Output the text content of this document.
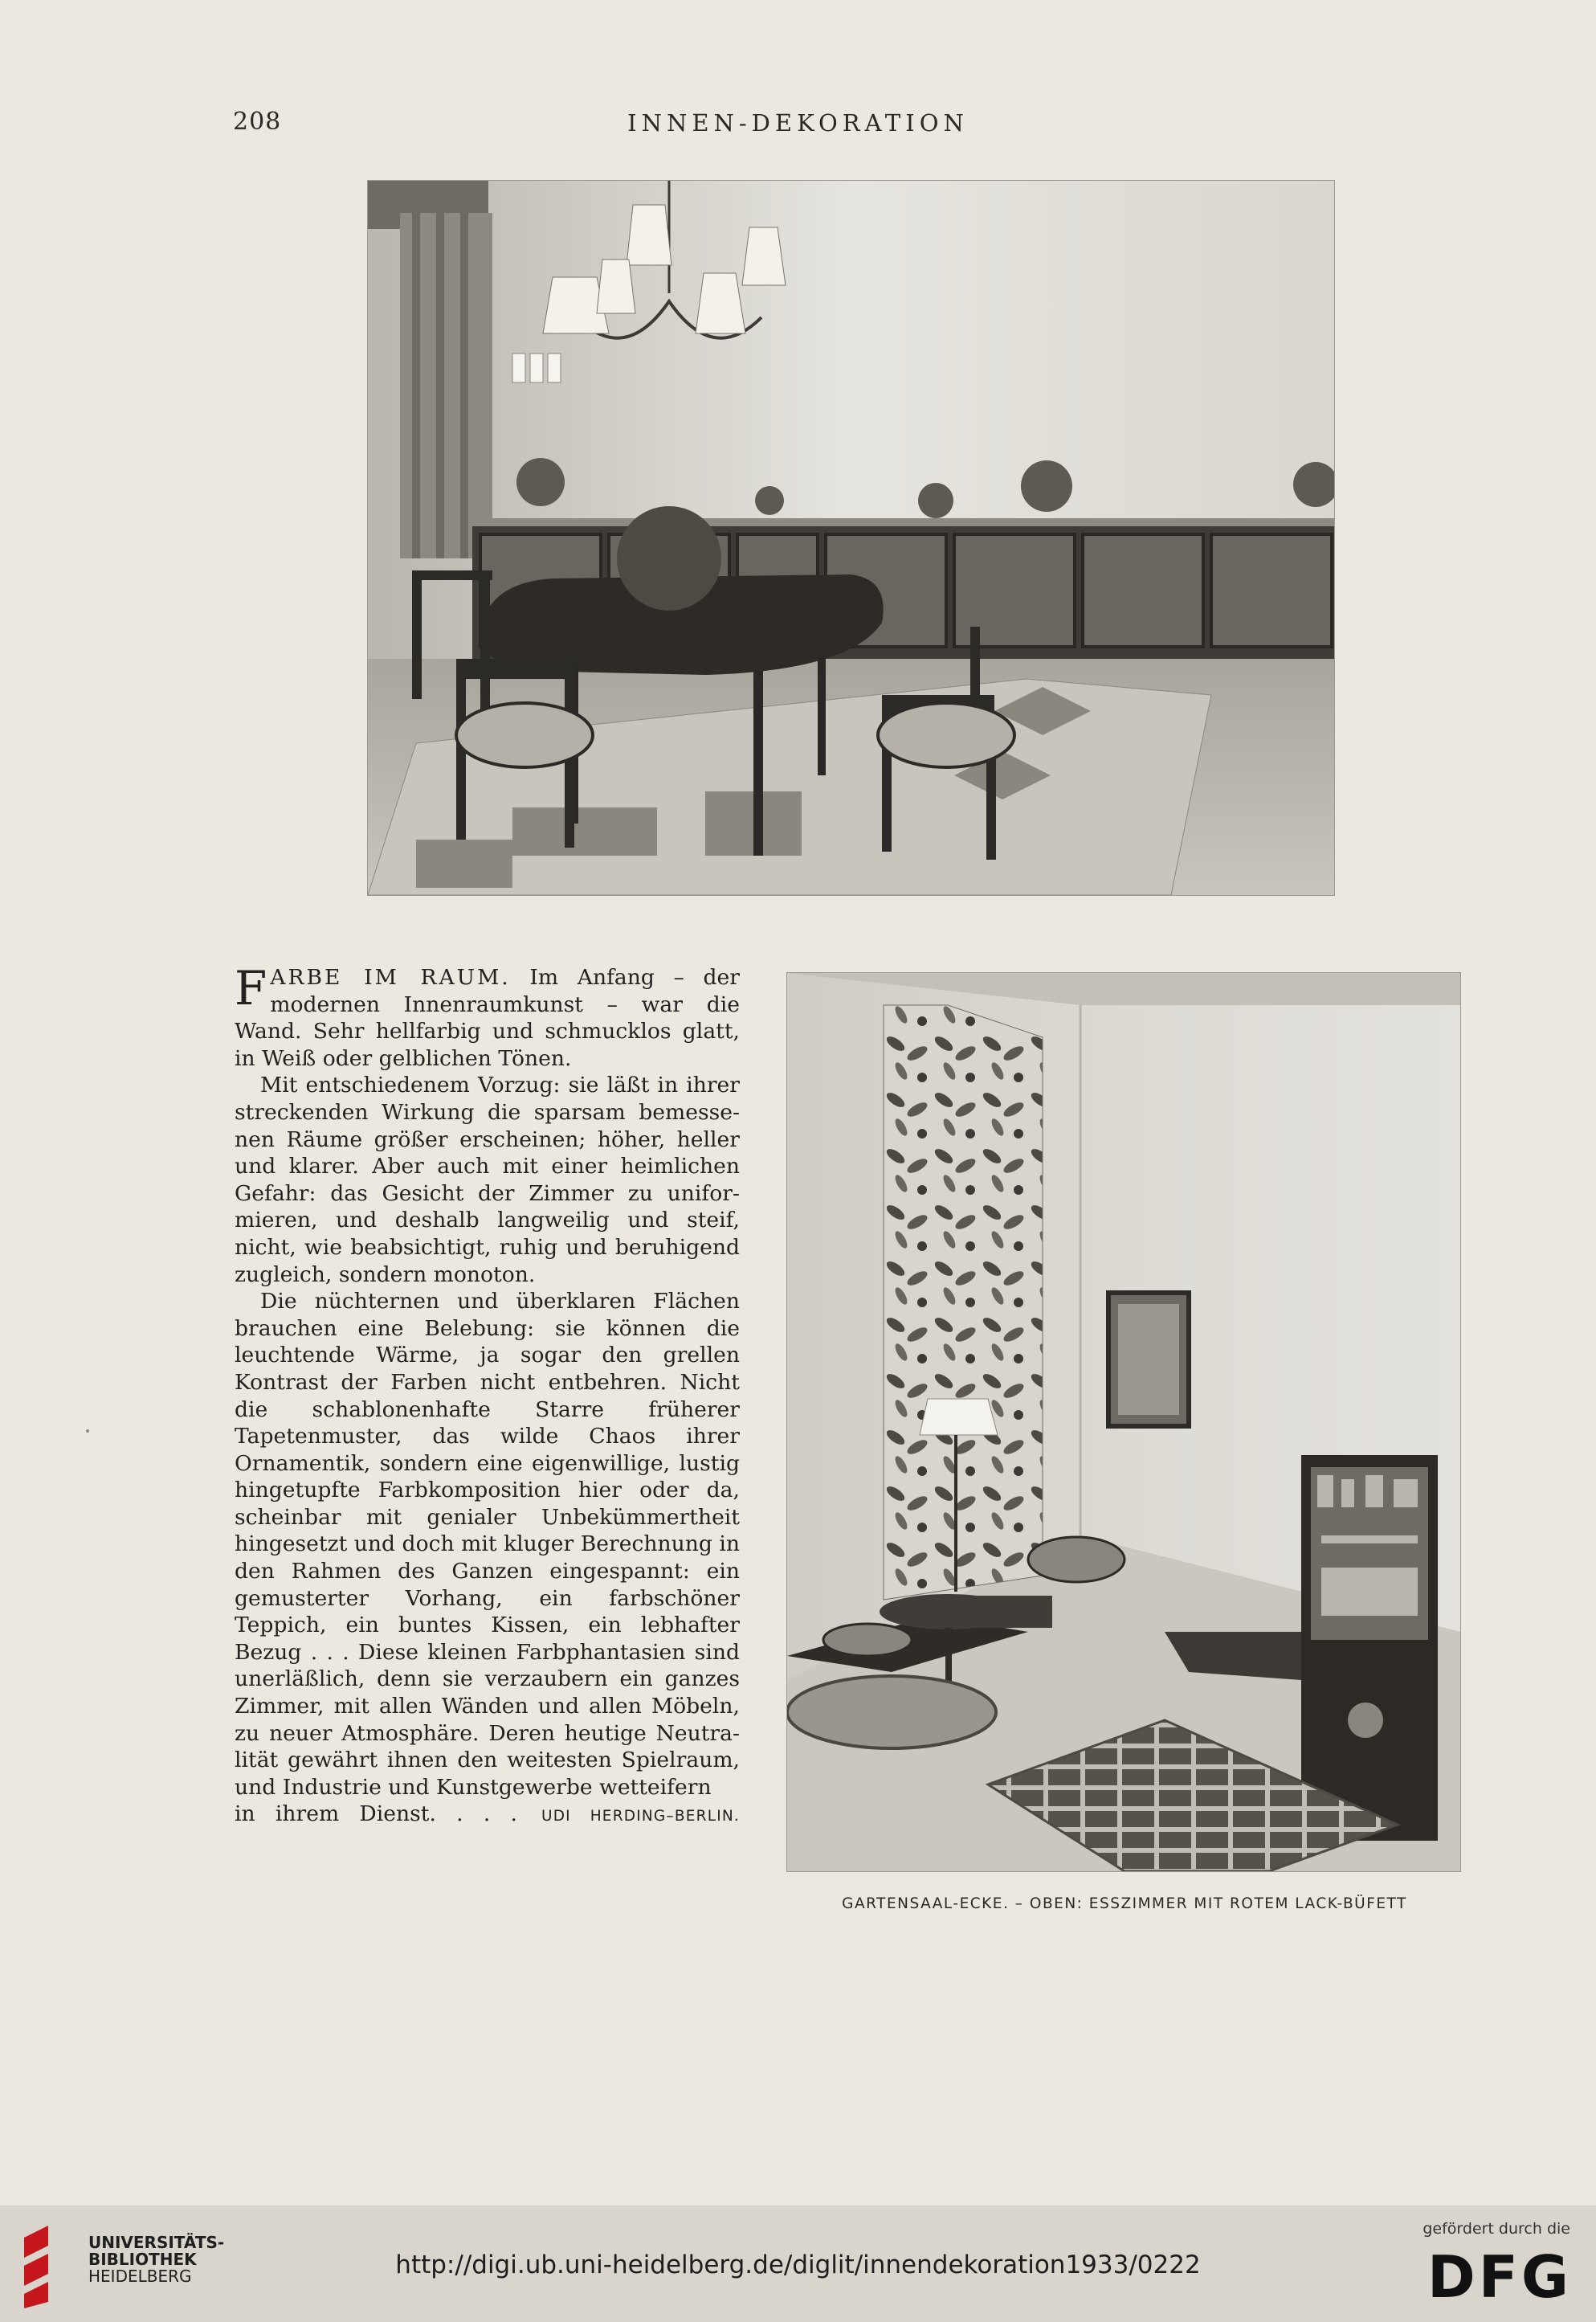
208	INNEN-DEKORATION

FARBE IM RAUM. Im Anfang – der modernen Innenraumkunst – war die Wand. Sehr hellfarbig und schmucklos glatt, in Weiß oder gelblichen Tönen.

Mit entschiedenem Vorzug: sie läßt in ihrer streckenden Wirkung die sparsam bemessenen Räume größer erscheinen; höher, heller und klarer. Aber auch mit einer heimlichen Gefahr: das Gesicht der Zimmer zu uniformieren, und deshalb langweilig und steif, nicht, wie beabsichtigt, ruhig und beruhigend zugleich, sondern monoton.

Die nüchternen und überklaren Flächen brauchen eine Belebung: sie können die leuchtende Wärme, ja sogar den grellen Kontrast der Farben nicht entbehren. Nicht die schablonenhafte Starre früherer Tapetenmuster, das wilde Chaos ihrer Ornamentik, sondern eine eigenwillige, lustig hingetupfte Farbkomposition hier oder da, scheinbar mit genialer Unbekümmertheit hingesetzt und doch mit kluger Berechnung in den Rahmen des Ganzen eingespannt: ein gemusterter Vorhang, ein farbschöner Teppich, ein buntes Kissen, ein lebhafter Bezug . . . Diese kleinen Farbphantasien sind unerläßlich, denn sie verzaubern ein ganzes Zimmer, mit allen Wänden und allen Möbeln, zu neuer Atmosphäre. Deren heutige Neutralität gewährt ihnen den weitesten Spielraum, und Industrie und Kunstgewerbe wetteifern

in ihrem Dienst. . . . UDI HERDING–BERLIN.

GARTENSAAL-ECKE. – OBEN: ESSZIMMER MIT ROTEM LACK-BÜFETT
UNIVERSITÄTS-
BIBLIOTHEK
HEIDELBERG	http://digi.ub.uni-heidelberg.de/diglit/innendekoration1933/0222
gefördert durch die
DFG
